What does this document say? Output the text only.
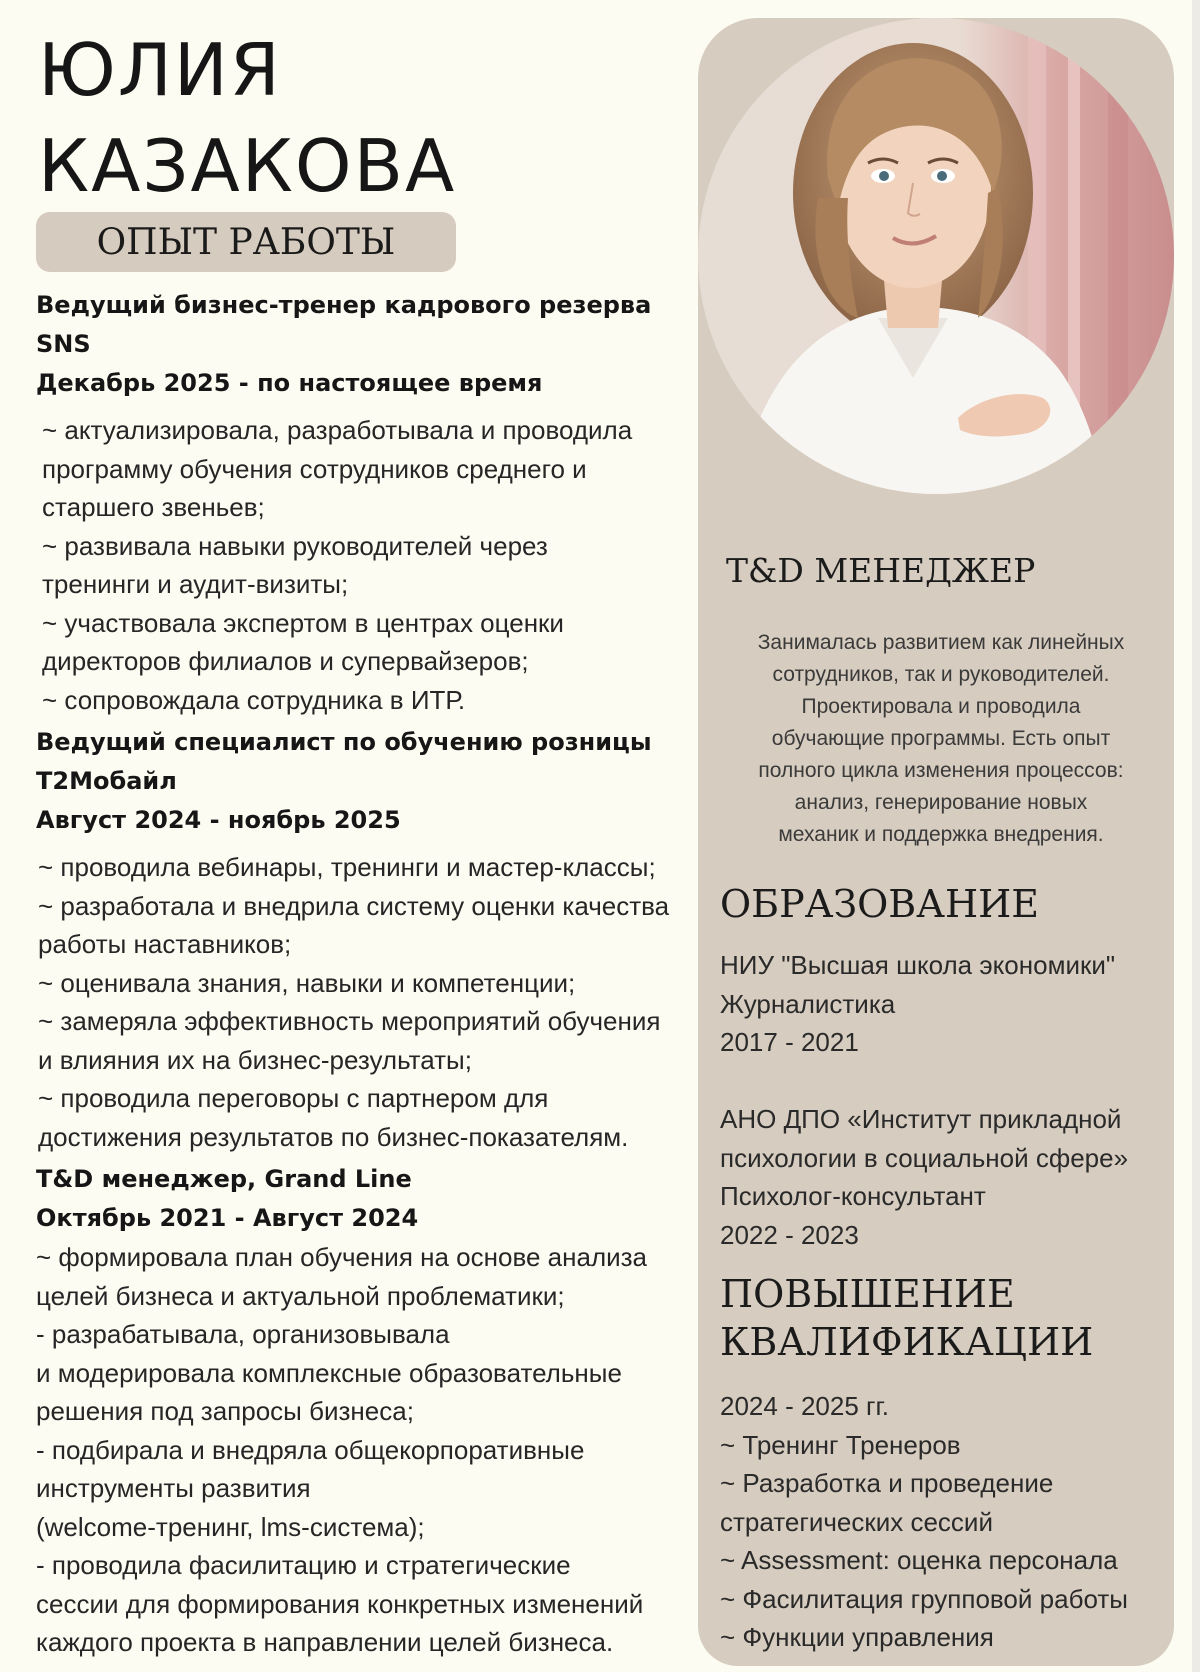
ЮЛИЯ
КАЗАКОВА
ОПЫТ РАБОТЫ
Ведущий бизнес-тренер кадрового резерва
SNS
Декабрь 2025 - по настоящее время
~ актуализировала, разработывала и проводила
программу обучения сотрудников среднего и
старшего звеньев;
~ развивала навыки руководителей через
тренинги и аудит-визиты;
~ участвовала экспертом в центрах оценки
директоров филиалов и супервайзеров;
~ сопровождала сотрудника в ИТР.
Ведущий специалист по обучению розницы
Т2Мобайл
Август 2024 - ноябрь 2025
~ проводила вебинары, тренинги и мастер-классы;
~ разработала и внедрила систему оценки качества
работы наставников;
~ оценивала знания, навыки и компетенции;
~ замеряла эффективность мероприятий обучения
и влияния их на бизнес-результаты;
~ проводила переговоры с партнером для
достижения результатов по бизнес-показателям.
T&D менеджер, Grand Line
Октябрь 2021 - Август 2024
~ формировала план обучения на основе анализа
целей бизнеса и актуальной проблематики;
- разрабатывала, организовывала
и модерировала комплексные образовательные
решения под запросы бизнеса;
- подбирала и внедряла общекорпоративные
инструменты развития
(welcome-тренинг, lms-система);
- проводила фасилитацию и стратегические
сессии для формирования конкретных изменений
каждого проекта в направлении целей бизнеса.
T&D МЕНЕДЖЕР
Занималась развитием как линейных
сотрудников, так и руководителей.
Проектировала и проводила
обучающие программы. Есть опыт
полного цикла изменения процессов:
анализ, генерирование новых
механик и поддержка внедрения.
ОБРАЗОВАНИЕ
НИУ "Высшая школа экономики"
Журналистика
2017 - 2021
АНО ДПО «Институт прикладной
психологии в социальной сфере»
Психолог-консультант
2022 - 2023
ПОВЫШЕНИЕ
КВАЛИФИКАЦИИ
2024 - 2025 гг.
~ Тренинг Тренеров
~ Разработка и проведение
стратегических сессий
~ Assessment: оценка персонала
~ Фасилитация групповой работы
~ Функции управления
